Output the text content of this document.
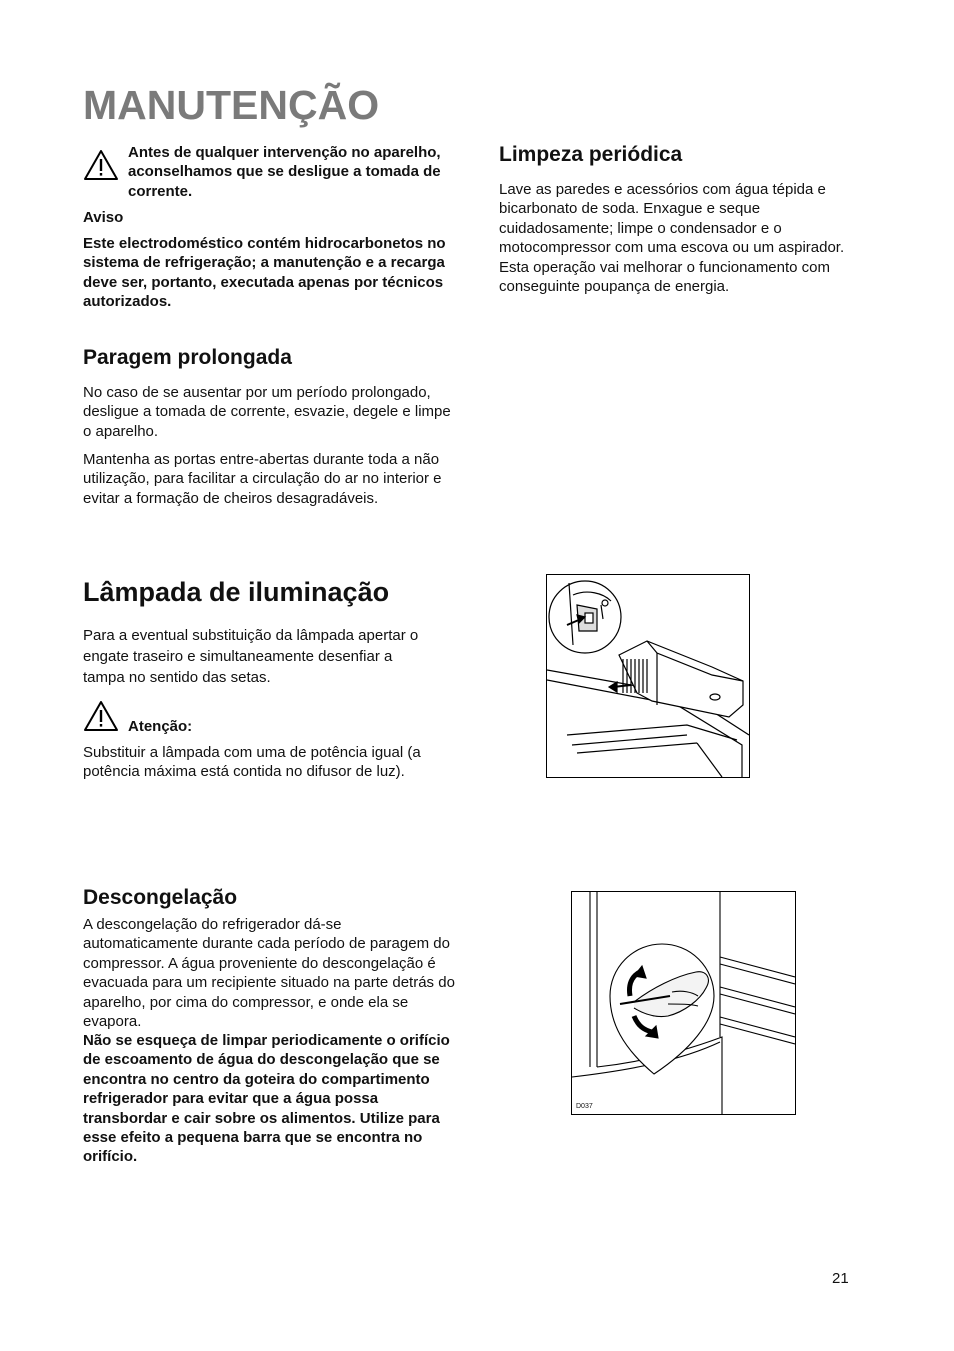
MANUTENÇÃO

Antes de qualquer intervenção no aparelho, aconselhamos que se desligue a tomada de corrente.

Aviso

Este electrodoméstico contém hidrocarbonetos no sistema de refrigeração; a manutenção e a recarga deve ser, portanto, executada apenas por técnicos autorizados.

Paragem prolongada

No caso de se ausentar por um período prolongado, desligue a tomada de corrente, esvazie, degele e limpe o aparelho.

Mantenha as portas entre-abertas durante toda a não utilização, para facilitar a circulação do ar no interior e evitar a formação de cheiros desagradáveis.

Limpeza periódica

Lave as paredes e acessórios com água tépida e bicarbonato de soda. Enxague e seque cuidadosamente; limpe o condensador e o motocompressor com uma escova ou um aspirador. Esta operação vai melhorar o funcionamento com conseguinte poupança de energia.

Lâmpada de iluminação

Para a eventual substituição da lâmpada apertar o engate traseiro e simultaneamente desenfiar a tampa no sentido das setas.

Atenção:

Substituir a lâmpada com uma de potência igual (a potência máxima está contida no difusor de luz).

Descongelação

A descongelação do refrigerador dá-se automaticamente durante cada período de paragem do compressor. A água proveniente do descongelação é evacuada para um recipiente situado na parte detrás do aparelho, por cima do compressor, e onde ela se evapora.

Não se esqueça de limpar periodicamente o orifício de escoamento de água do descongelação que se encontra no centro da goteira do compartimento refrigerador para evitar que a água possa transbordar e cair sobre os alimentos. Utilize para esse efeito a pequena barra que se encontra no orifício.

D037
21
